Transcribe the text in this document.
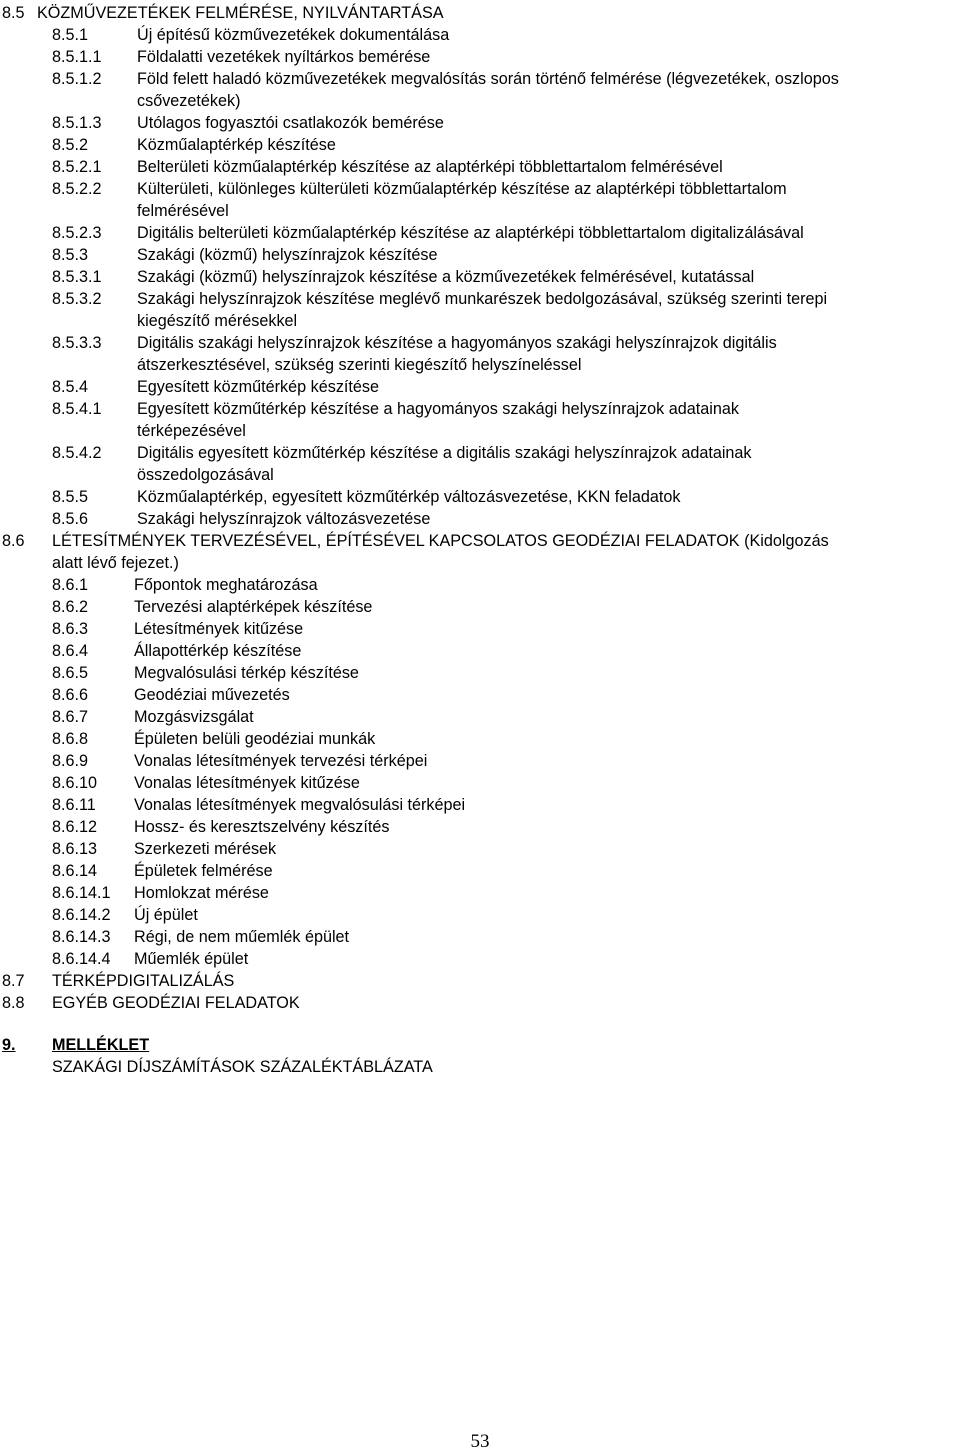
8.5 KÖZMŰVEZETÉKEK FELMÉRÉSE, NYILVÁNTARTÁSA
8.5.1	Új építésű közművezetékek dokumentálása
8.5.1.1 Földalatti vezetékek nyíltárkos bemérése
8.5.1.2 Föld felett haladó közművezetékek megvalósítás során történő felmérése (légvezetékek, oszlopos
csővezetékek)
8.5.1.3 Utólagos fogyasztói csatlakozók bemérése
8.5.2	Közműalaptérkép készítése
8.5.2.1 Belterületi közműalaptérkép készítése az alaptérképi többlettartalom felmérésével
8.5.2.2 Külterületi, különleges külterületi közműalaptérkép készítése az alaptérképi többlettartalom
felmérésével
8.5.2.3 Digitális belterületi közműalaptérkép készítése az alaptérképi többlettartalom digitalizálásával
8.5.3	Szakági (közmű) helyszínrajzok készítése
8.5.3.1 Szakági (közmű) helyszínrajzok készítése a közművezetékek felmérésével, kutatással
8.5.3.2 Szakági helyszínrajzok készítése meglévő munkarészek bedolgozásával, szükség szerinti terepi
kiegészítő mérésekkel
8.5.3.3 Digitális szakági helyszínrajzok készítése a hagyományos szakági helyszínrajzok digitális
átszerkesztésével, szükség szerinti kiegészítő helyszíneléssel
8.5.4	Egyesített közműtérkép készítése
8.5.4.1 Egyesített közműtérkép készítése a hagyományos szakági helyszínrajzok adatainak
térképezésével
8.5.4.2 Digitális egyesített közműtérkép készítése a digitális szakági helyszínrajzok adatainak
összedolgozásával
8.5.5	Közműalaptérkép, egyesített közműtérkép változásvezetése, KKN feladatok
8.5.6	Szakági helyszínrajzok változásvezetése
8.6 LÉTESÍTMÉNYEK TERVEZÉSÉVEL, ÉPÍTÉSÉVEL KAPCSOLATOS GEODÉZIAI FELADATOK (Kidolgozás
alatt lévő fejezet.)
8.6.1	Főpontok meghatározása
8.6.2	Tervezési alaptérképek készítése
8.6.3	Létesítmények kitűzése
8.6.4	Állapottérkép készítése
8.6.5	Megvalósulási térkép készítése
8.6.6	Geodéziai művezetés
8.6.7	Mozgásvizsgálat
8.6.8	Épületen belüli geodéziai munkák
8.6.9	Vonalas létesítmények tervezési térképei
8.6.10 Vonalas létesítmények kitűzése
8.6.11 Vonalas létesítmények megvalósulási térképei
8.6.12 Hossz- és keresztszelvény készítés
8.6.13 Szerkezeti mérések
8.6.14 Épületek felmérése
8.6.14.1 Homlokzat mérése
8.6.14.2 Új épület
8.6.14.3 Régi, de nem műemlék épület
8.6.14.4 Műemlék épület
8.7 TÉRKÉPDIGITALIZÁLÁS
8.8 EGYÉB GEODÉZIAI FELADATOK
9.	MELLÉKLET
SZAKÁGI DÍJSZÁMÍTÁSOK SZÁZALÉKTÁBLÁZATA
53
